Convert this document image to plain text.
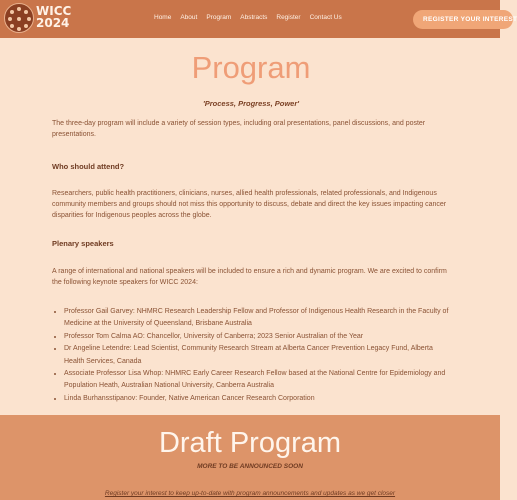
WICC
2024	Home About Program Abstracts Register Contact Us	REGISTER YOUR INTEREST
Program
'Process, Progress, Power'

The three-day program will include a variety of session types, including oral presentations, panel discussions, and poster presentations.

Who should attend?

Researchers, public health practitioners, clinicians, nurses, allied health professionals, related professionals, and Indigenous community members and groups should not miss this opportunity to discuss, debate and direct the key issues impacting cancer disparities for Indigenous peoples across the globe.

Plenary speakers

A range of international and national speakers will be included to ensure a rich and dynamic program. We are excited to confirm the following keynote speakers for WICC 2024:

• Professor Gail Garvey: NHMRC Research Leadership Fellow and Professor of Indigenous Health Research in the Faculty of Medicine at the University of Queensland, Brisbane Australia
• Professor Tom Calma AO: Chancellor, University of Canberra; 2023 Senior Australian of the Year
• Dr Angeline Letendre: Lead Scientist, Community Research Stream at Alberta Cancer Prevention Legacy Fund, Alberta Health Services, Canada
• Associate Professor Lisa Whop: NHMRC Early Career Research Fellow based at the National Centre for Epidemiology and Population Heath, Australian National University, Canberra Australia
• Linda Burhansstipanov: Founder, Native American Cancer Research Corporation
Draft Program
MORE TO BE ANNOUNCED SOON
Register your interest to keep up-to-date with program announcements and updates as we get closer
